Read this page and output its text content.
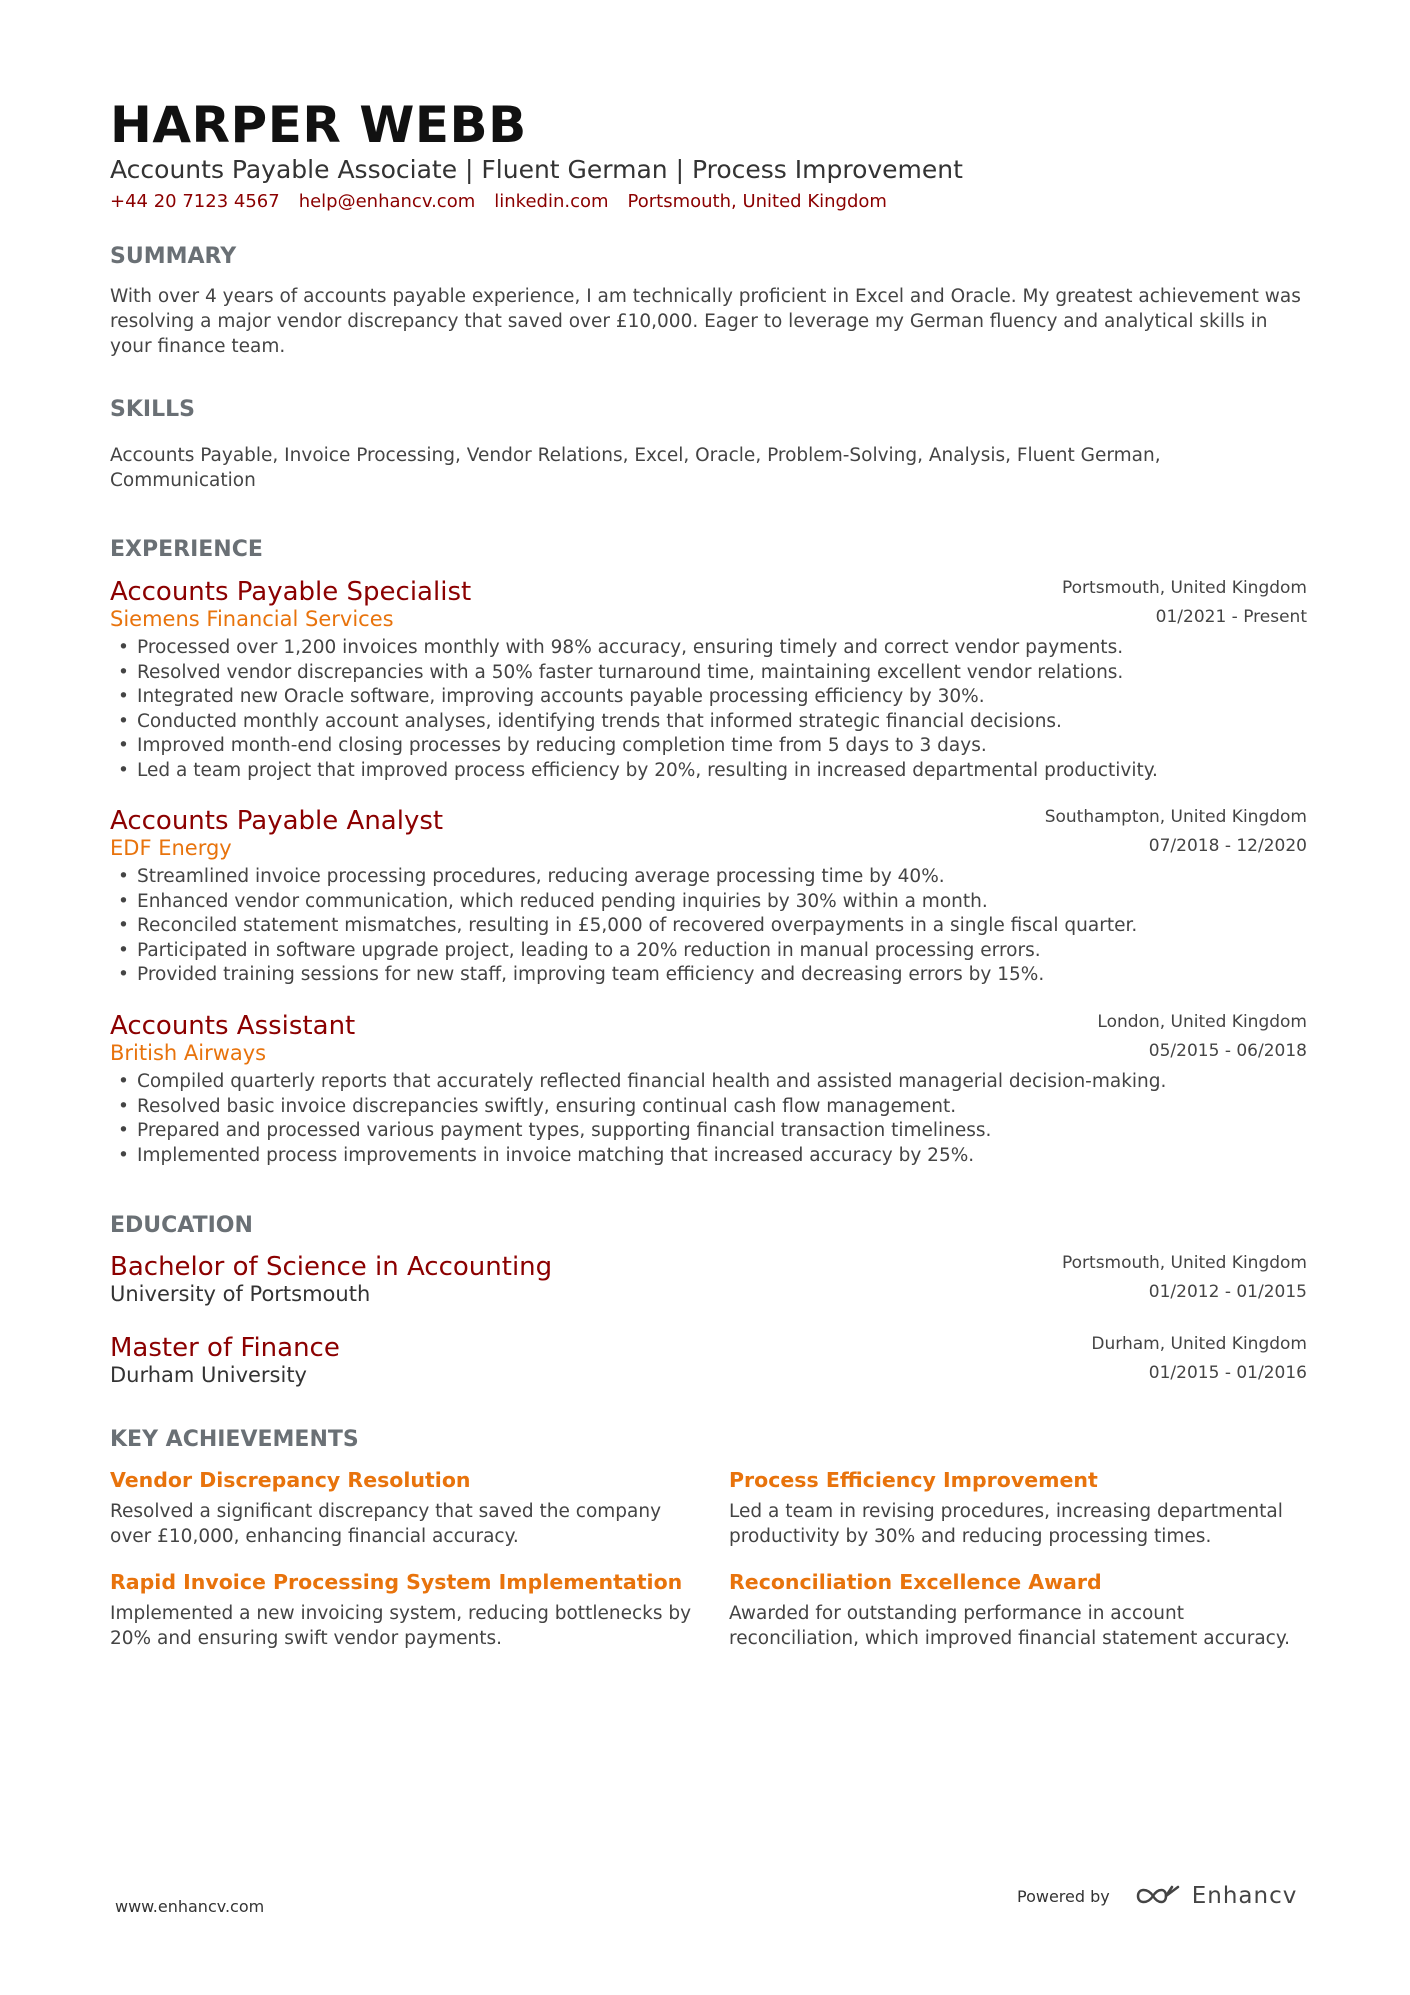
HARPER WEBB
Accounts Payable Associate | Fluent German | Process Improvement
+44 20 7123 4567 help@enhancv.com linkedin.com Portsmouth, United Kingdom
SUMMARY
With over 4 years of accounts payable experience, I am technically proficient in Excel and Oracle. My greatest achievement was resolving a major vendor discrepancy that saved over £10,000. Eager to leverage my German fluency and analytical skills in your finance team.
SKILLS
Accounts Payable, Invoice Processing, Vendor Relations, Excel, Oracle, Problem-Solving, Analysis, Fluent German, Communication
EXPERIENCE
Accounts Payable Specialist
Siemens Financial Services
Portsmouth, United Kingdom
01/2021 - Present
• Processed over 1,200 invoices monthly with 98% accuracy, ensuring timely and correct vendor payments.
• Resolved vendor discrepancies with a 50% faster turnaround time, maintaining excellent vendor relations.
• Integrated new Oracle software, improving accounts payable processing efficiency by 30%.
• Conducted monthly account analyses, identifying trends that informed strategic financial decisions.
• Improved month-end closing processes by reducing completion time from 5 days to 3 days.
• Led a team project that improved process efficiency by 20%, resulting in increased departmental productivity.
Accounts Payable Analyst
EDF Energy
Southampton, United Kingdom
07/2018 - 12/2020
• Streamlined invoice processing procedures, reducing average processing time by 40%.
• Enhanced vendor communication, which reduced pending inquiries by 30% within a month.
• Reconciled statement mismatches, resulting in £5,000 of recovered overpayments in a single fiscal quarter.
• Participated in software upgrade project, leading to a 20% reduction in manual processing errors.
• Provided training sessions for new staff, improving team efficiency and decreasing errors by 15%.
Accounts Assistant
British Airways
London, United Kingdom
05/2015 - 06/2018
• Compiled quarterly reports that accurately reflected financial health and assisted managerial decision-making.
• Resolved basic invoice discrepancies swiftly, ensuring continual cash flow management.
• Prepared and processed various payment types, supporting financial transaction timeliness.
• Implemented process improvements in invoice matching that increased accuracy by 25%.
EDUCATION
Bachelor of Science in Accounting
University of Portsmouth
Portsmouth, United Kingdom
01/2012 - 01/2015
Master of Finance
Durham University
Durham, United Kingdom
01/2015 - 01/2016
KEY ACHIEVEMENTS
Vendor Discrepancy Resolution
Resolved a significant discrepancy that saved the company over £10,000, enhancing financial accuracy.
Process Efficiency Improvement
Led a team in revising procedures, increasing departmental productivity by 30% and reducing processing times.
Rapid Invoice Processing System Implementation
Implemented a new invoicing system, reducing bottlenecks by 20% and ensuring swift vendor payments.
Reconciliation Excellence Award
Awarded for outstanding performance in account reconciliation, which improved financial statement accuracy.
www.enhancv.com
Powered by	Enhancv
